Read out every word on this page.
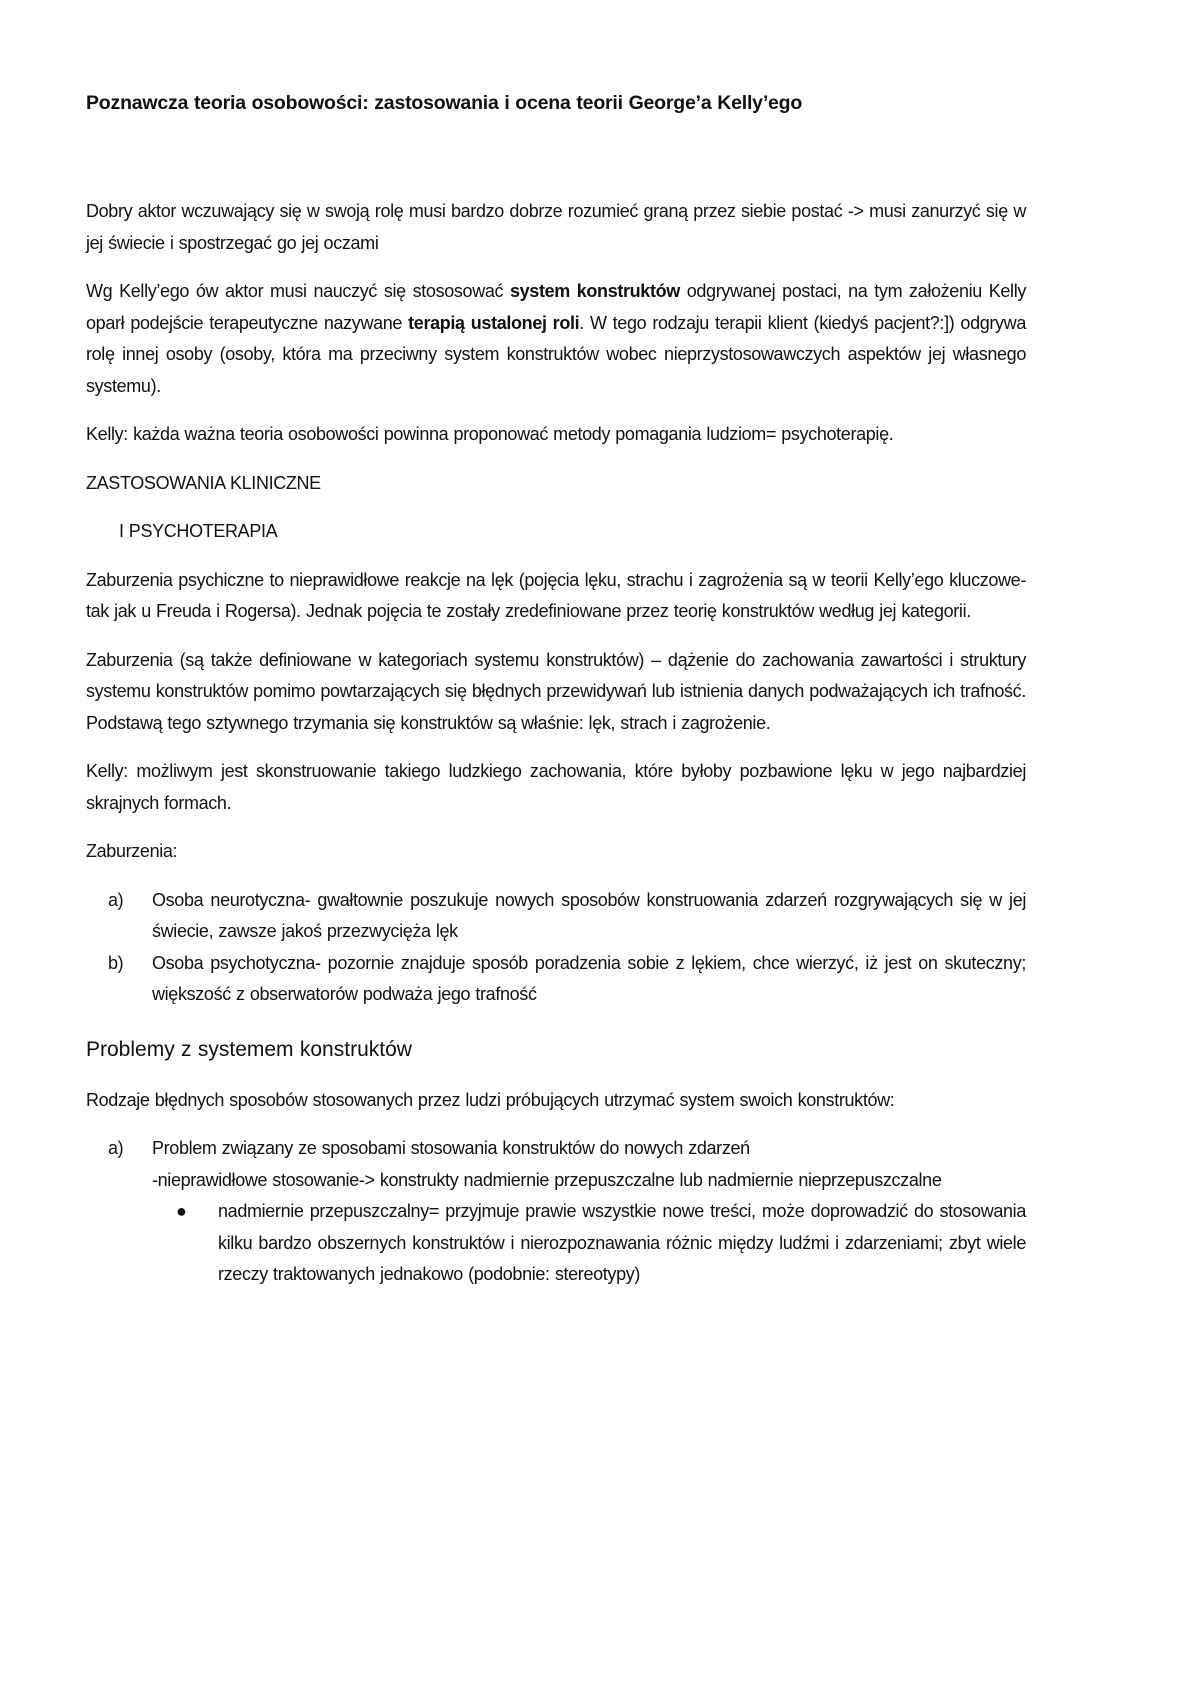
Poznawcza teoria osobowości: zastosowania i ocena teorii George’a Kelly’ego

Dobry aktor wczuwający się w swoją rolę musi bardzo dobrze rozumieć graną przez siebie postać -> musi zanurzyć się w jej świecie i spostrzegać go jej oczami

Wg Kelly’ego ów aktor musi nauczyć się stososować system konstruktów odgrywanej postaci, na tym założeniu Kelly oparł podejście terapeutyczne nazywane terapią ustalonej roli. W tego rodzaju terapii klient (kiedyś pacjent?:]) odgrywa rolę innej osoby (osoby, która ma przeciwny system konstruktów wobec nieprzystosowawczych aspektów jej własnego systemu).

Kelly: każda ważna teoria osobowości powinna proponować metody pomagania ludziom= psychoterapię.

ZASTOSOWANIA KLINICZNE

I PSYCHOTERAPIA

Zaburzenia psychiczne to nieprawidłowe reakcje na lęk (pojęcia lęku, strachu i zagrożenia są w teorii Kelly’ego kluczowe- tak jak u Freuda i Rogersa). Jednak pojęcia te zostały zredefiniowane przez teorię konstruktów według jej kategorii.

Zaburzenia (są także definiowane w kategoriach systemu konstruktów) – dążenie do zachowania zawartości i struktury systemu konstruktów pomimo powtarzających się błędnych przewidywań lub istnienia danych podważających ich trafność. Podstawą tego sztywnego trzymania się konstruktów są właśnie: lęk, strach i zagrożenie.

Kelly: możliwym jest skonstruowanie takiego ludzkiego zachowania, które byłoby pozbawione lęku w jego najbardziej skrajnych formach.

Zaburzenia:

a) Osoba neurotyczna- gwałtownie poszukuje nowych sposobów konstruowania zdarzeń rozgrywających się w jej świecie, zawsze jakoś przezwycięża lęk
b) Osoba psychotyczna- pozornie znajduje sposób poradzenia sobie z lękiem, chce wierzyć, iż jest on skuteczny; większość z obserwatorów podważa jego trafność
Problemy z systemem konstruktów

Rodzaje błędnych sposobów stosowanych przez ludzi próbujących utrzymać system swoich konstruktów:

a) Problem związany ze sposobami stosowania konstruktów do nowych zdarzeń
-nieprawidłowe stosowanie-> konstrukty nadmiernie przepuszczalne lub nadmiernie nieprzepuszczalne
● nadmiernie przepuszczalny= przyjmuje prawie wszystkie nowe treści, może doprowadzić do stosowania kilku bardzo obszernych konstruktów i nierozpoznawania różnic między ludźmi i zdarzeniami; zbyt wiele rzeczy traktowanych jednakowo (podobnie: stereotypy)
